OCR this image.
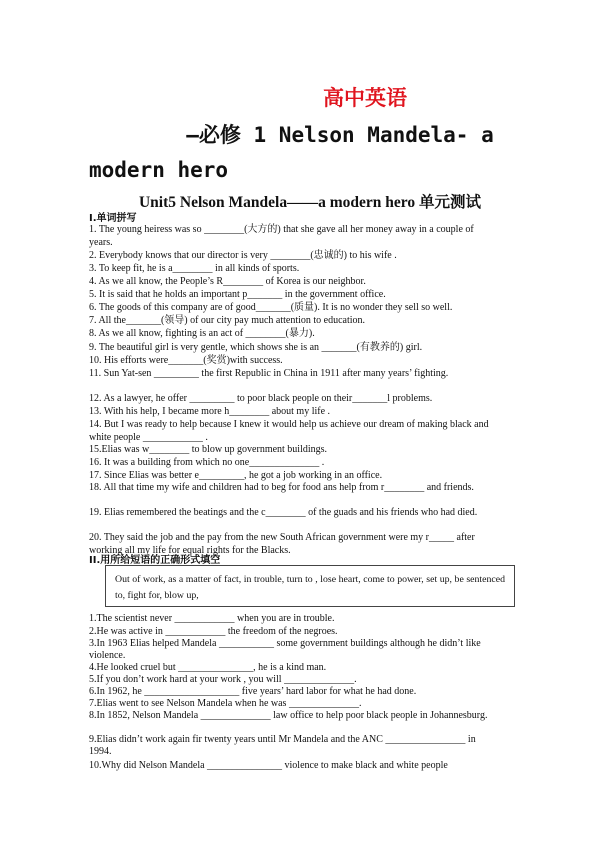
高中英语
—必修 1 Nelson Mandela- a
modern hero
Unit5 Nelson Mandela——a modern hero 单元测试
Ⅰ.单词拼写
1. The young heiress was so ________(大方的) that she gave all her money away in a couple of years.
2. Everybody knows that our director is very ________(忠诚的) to his wife .
3. To keep fit, he is a________ in all kinds of sports.
4. As we all know, the People’s R________ of Korea is our neighbor.
5. It is said that he holds an important p_______ in the government office.
6. The goods of this company are of good_______(质量). It is no wonder they sell so well.
7. All the_______(领导) of our city pay much attention to education.
8. As we all know, fighting is an act of ________(暴力).
9. The beautiful girl is very gentle, which shows she is an _______(有教养的) girl.
10. His efforts were_______(奖赏)with success.
11. Sun Yat-sen _________ the first Republic in China in 1911 after many years’ fighting.
12. As a lawyer, he offer _________ to poor black people on their_______l problems.
13. With his help, I became more h________ about my life .
14. But I was ready to help because I knew it would help us achieve our dream of making black and white people ____________ .
15.Elias was w________ to blow up government buildings.
16. It was a building from which no one______________ .
17. Since Elias was better e_________, he got a job working in an office.
18. All that time my wife and children had to beg for food ans help from r________ and friends.
19. Elias remembered the beatings and the c________ of the guads and his friends who had died.
20. They said the job and the pay from the new South African government were my r_____ after working all my life for equal rights for the Blacks.
II.用所给短语的正确形式填空
Out of work, as a matter of fact, in trouble, turn to , lose heart, come to power, set up, be sentenced to, fight for, blow up,
1.The scientist never ____________ when you are in trouble.
2.He was active in ____________ the freedom of the negroes.
3.In 1963 Elias helped Mandela ___________ some government buildings although he didn’t like violence.
4.He looked cruel but _______________, he is a kind man.
5.If you don’t work hard at your work , you will ______________.
6.In 1962, he ___________________ five years’ hard labor for what he had done.
7.Elias went to see Nelson Mandela when he was ______________.
8.In 1852, Nelson Mandela ______________ law office to help poor black people in Johannesburg.
9.Elias didn’t work again fir twenty years until Mr Mandela and the ANC ________________ in 1994.
10.Why did Nelson Mandela _______________ violence to make black and white people
